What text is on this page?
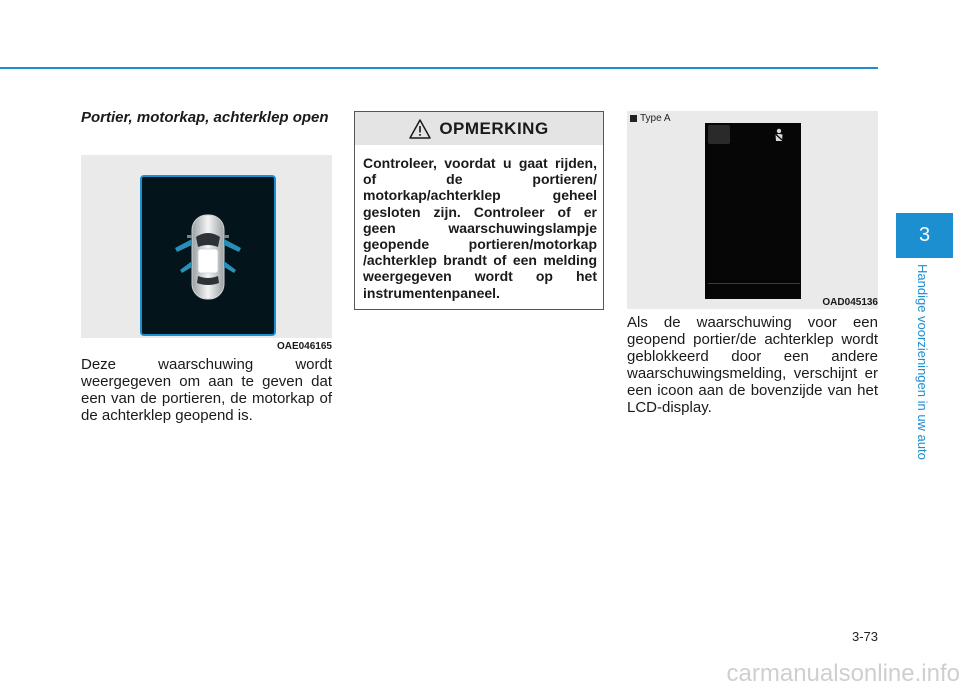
Portier, motorkap, achterklep open
OAE046165
Deze waarschuwing wordt weergegeven om aan te geven dat een van de portieren, de motorkap of de achterklep geopend is.
OPMERKING
Controleer, voordat u gaat rijden, of de portieren/ motorkap/achterklep geheel gesloten zijn. Controleer of er geen waarschuwingslampje geopende portieren/motorkap /achterklep brandt of een melding weergegeven wordt op het instrumentenpaneel.
Type A
OAD045136
Als de waarschuwing voor een geopend portier/de achterklep wordt geblokkeerd door een andere waarschuwingsmelding, verschijnt er een icoon aan de bovenzijde van het LCD-display.
3
Handige voorzieningen in uw auto
3-73
carmanualsonline.info
